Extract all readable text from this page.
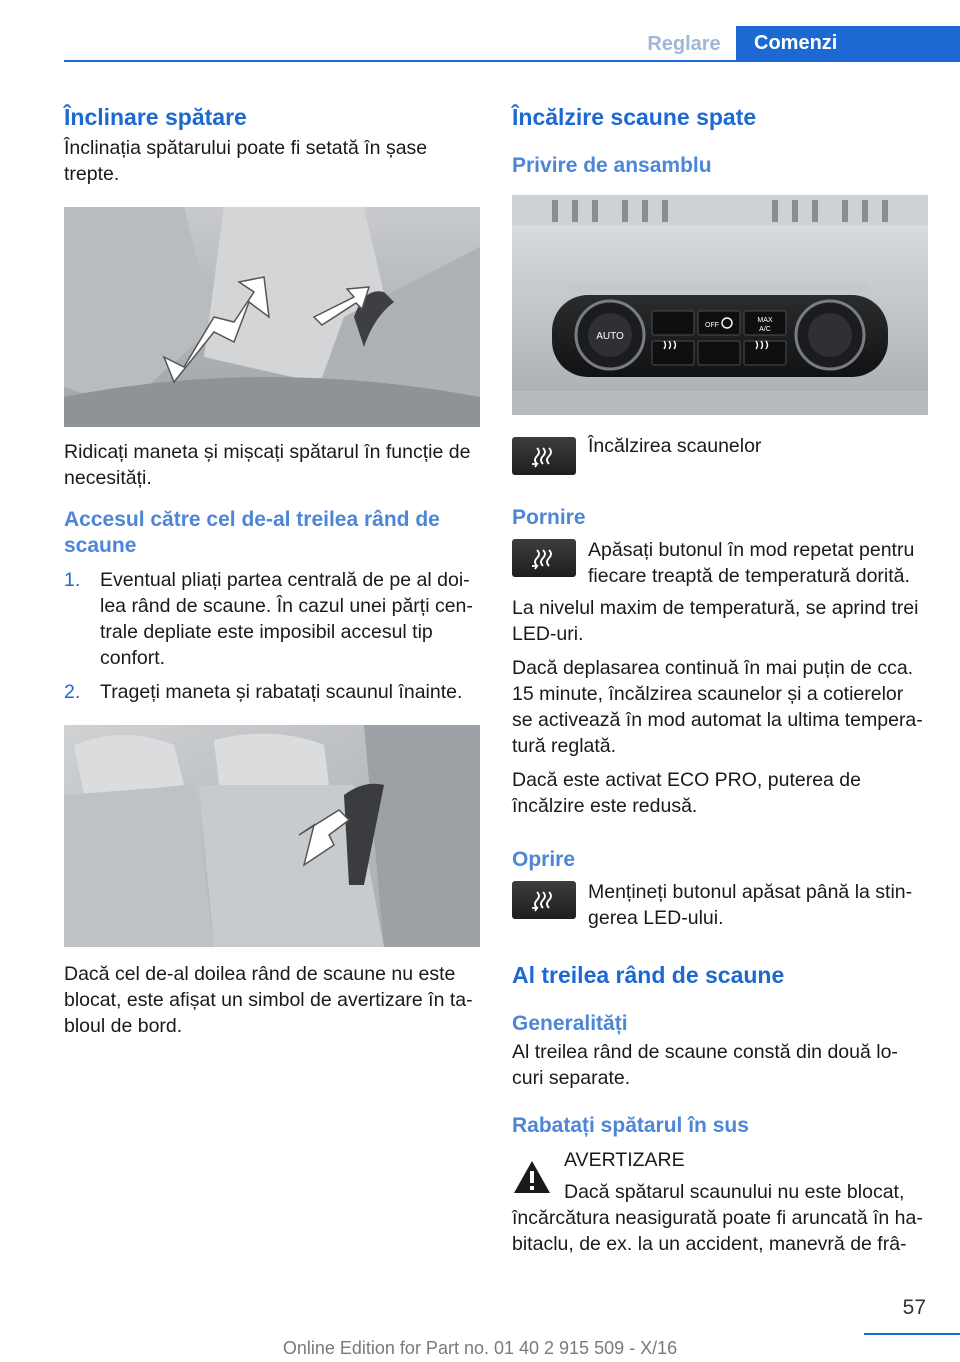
Reglare	Comenzi
Înclinare spătare

Înclinația spătarului poate fi setată în șase trepte.

Ridicați maneta și mișcați spătarul în funcție de necesități.

Accesul către cel de-al treilea rând de scaune
1. Eventual pliați partea centrală de pe al doi-lea rând de scaune. În cazul unei părți cen-trale depliate este imposibil accesul tip confort.
2. Trageți maneta și rabatați scaunul înainte.

Dacă cel de-al doilea rând de scaune nu este blocat, este afișat un simbol de avertizare în ta-bloul de bord.

Încălzire scaune spate
Privire de ansamblu
AUTO
OFF
MAX
A/C

Încălzirea scaunelor

Pornire

Apăsați butonul în mod repetat pentru fiecare treaptă de temperatură dorită.

La nivelul maxim de temperatură, se aprind trei LED-uri.

Dacă deplasarea continuă în mai puțin de cca. 15 minute, încălzirea scaunelor și a cotierelor se activează în mod automat la ultima tempera-tură reglată.

Dacă este activat ECO PRO, puterea de încălzire este redusă.

Oprire

Mențineți butonul apăsat până la stin-gerea LED-ului.

Al treilea rând de scaune
Generalități

Al treilea rând de scaune constă din două lo-curi separate.

Rabatați spătarul în sus

AVERTIZARE

Dacă spătarul scaunului nu este blocat,

încărcătura neasigurată poate fi aruncată în ha-bitaclu, de ex. la un accident, manevră de frâ-

57
Online Edition for Part no. 01 40 2 915 509 - X/16
